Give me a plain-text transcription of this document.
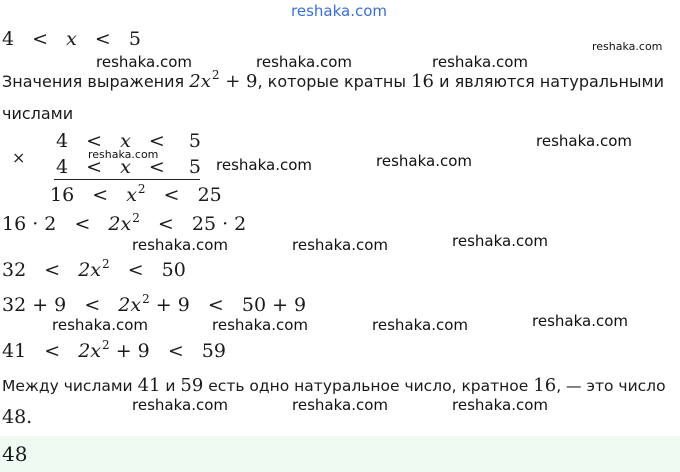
reshaka.com
4 < x < 5
reshaka.com	reshaka.com	reshaka.com
reshaka.com
Значения выражения $2x^2 + 9$, которые кратны 16 и являются натуральными
числами
×
4 < x < 5
reshaka.com
4 < x < 5
$16 < x^2 < 25$
reshaka.com	reshaka.com
reshaka.com
$16 \cdot 2 < 2x^2 < 25 \cdot 2$
reshaka.com	reshaka.com	reshaka.com
$32 < 2x^2 < 50$
$32 + 9 < 2x^2 + 9 < 50 + 9$
reshaka.com	reshaka.com	reshaka.com	reshaka.com
$41 < 2x^2 + 9 < 59$
Между числами 41 и 59 есть одно натуральное число, кратное 16, — это число
48.
reshaka.com	reshaka.com	reshaka.com
48
